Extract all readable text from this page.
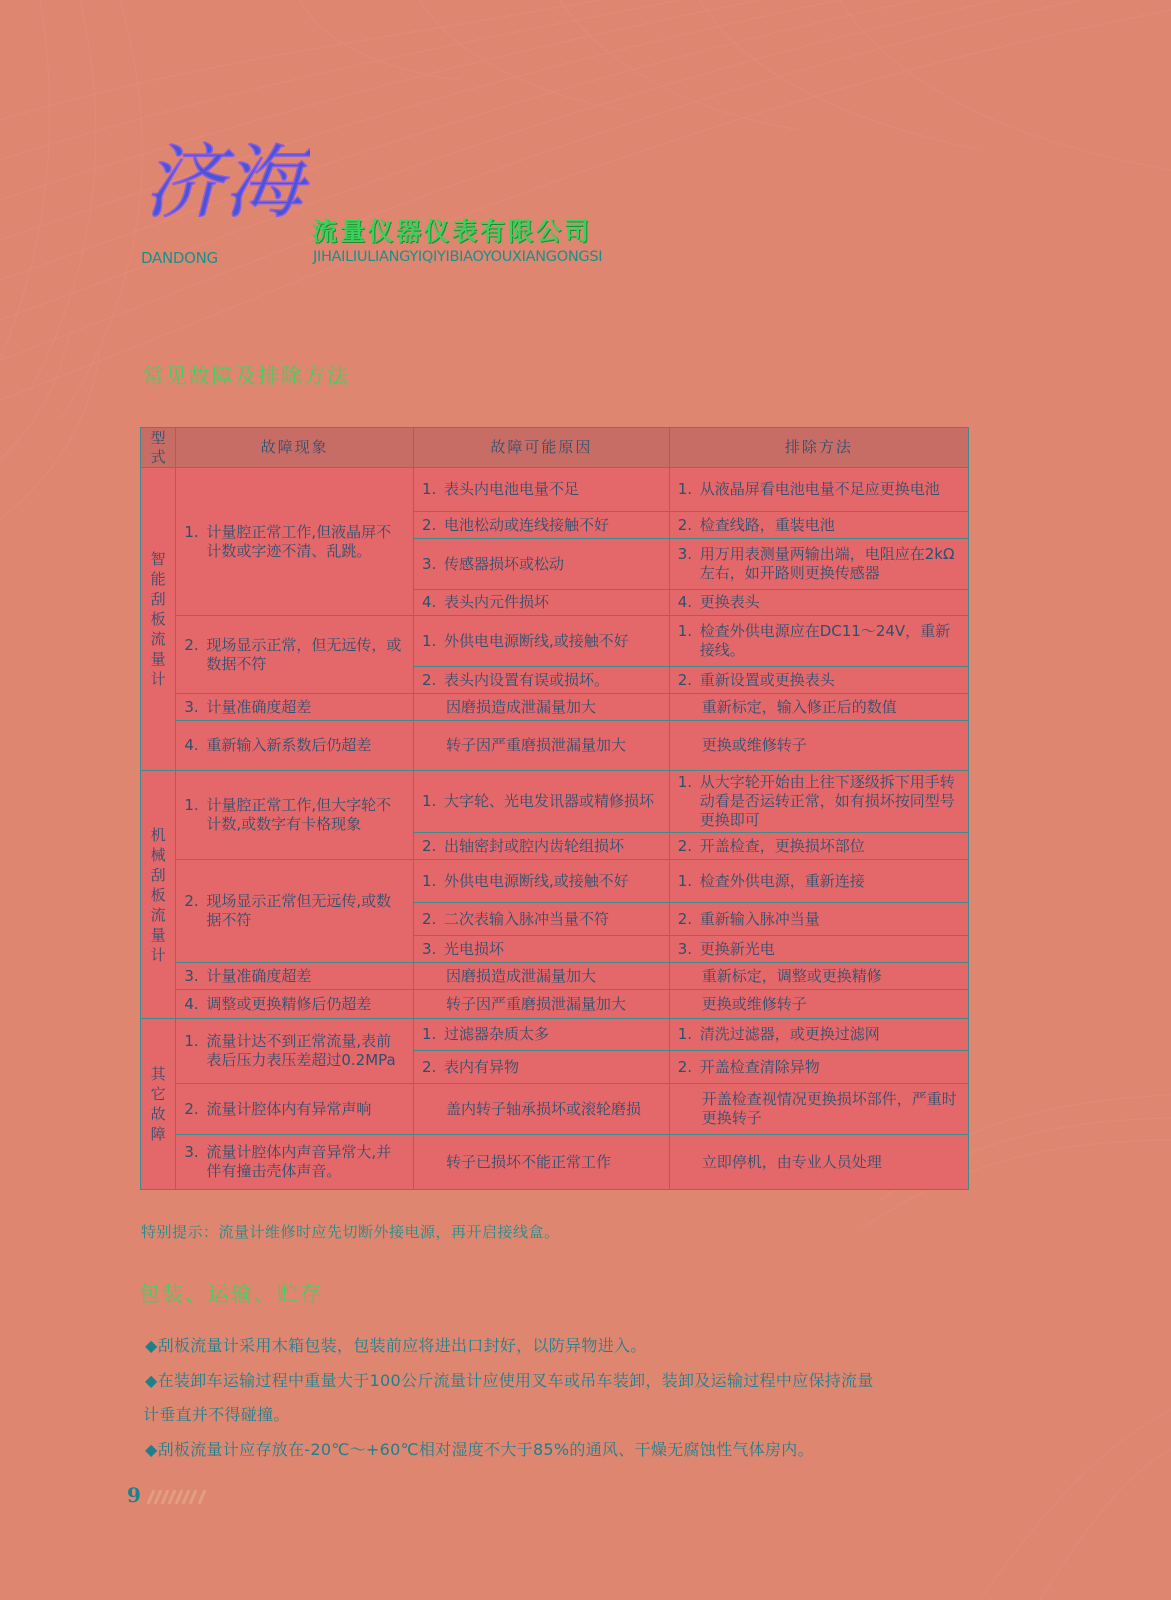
济海
DANDONG
流量仪器仪表有限公司
JIHAILIULIANGYIQIYIBIAOYOUXIANGONGSI
常见故障及排除方法
型式	故障现象	故障可能原因	排除方法

智能刮板流量计	1. 计量腔正常工作,但液晶屏不计数或字迹不清、乱跳。	1. 表头内电池电量不足	1. 从液晶屏看电池电量不足应更换电池

		2. 电池松动或连线接触不好	2. 检查线路，重装电池

		3. 传感器损坏或松动	3. 用万用表测量两输出端，电阻应在2kΩ左右，如开路则更换传感器

		4. 表头内元件损坏	4. 更换表头

	2. 现场显示正常，但无远传，或数据不符	1. 外供电电源断线,或接触不好	1. 检查外供电源应在DC11～24V，重新接线。

		2. 表头内设置有误或损坏。	2. 重新设置或更换表头

	3. 计量准确度超差	因磨损造成泄漏量加大	重新标定，输入修正后的数值

	4. 重新输入新系数后仍超差	转子因严重磨损泄漏量加大	更换或维修转子

机械刮板流量计	1. 计量腔正常工作,但大字轮不计数,或数字有卡格现象	1. 大字轮、光电发讯器或精修损坏	1. 从大字轮开始由上往下逐级拆下用手转动看是否运转正常，如有损坏按同型号更换即可

		2. 出轴密封或腔内齿轮组损坏	2. 开盖检查，更换损坏部位

	2. 现场显示正常但无远传,或数据不符	1. 外供电电源断线,或接触不好	1. 检查外供电源，重新连接

		2. 二次表输入脉冲当量不符	2. 重新输入脉冲当量

		3. 光电损坏	3. 更换新光电

	3. 计量准确度超差	因磨损造成泄漏量加大	重新标定，调整或更换精修

	4. 调整或更换精修后仍超差	转子因严重磨损泄漏量加大	更换或维修转子

其它故障	1. 流量计达不到正常流量,表前表后压力表压差超过0.2MPa	1. 过滤器杂质太多	1. 清洗过滤器，或更换过滤网

		2. 表内有异物	2. 开盖检查清除异物

	2. 流量计腔体内有异常声响	盖内转子轴承损坏或滚轮磨损	开盖检查视情况更换损坏部件，严重时更换转子

	3. 流量计腔体内声音异常大,并伴有撞击壳体声音。	转子已损坏不能正常工作	立即停机，由专业人员处理
特别提示：流量计维修时应先切断外接电源，再开启接线盒。
包装、运输、贮存
◆刮板流量计采用木箱包装，包装前应将进出口封好，以防异物进入。
◆在装卸车运输过程中重量大于100公斤流量计应使用叉车或吊车装卸，装卸及运输过程中应保持流量
计垂直并不得碰撞。
◆刮板流量计应存放在-20℃～+60℃相对湿度不大于85%的通风、干燥无腐蚀性气体房内。
9
